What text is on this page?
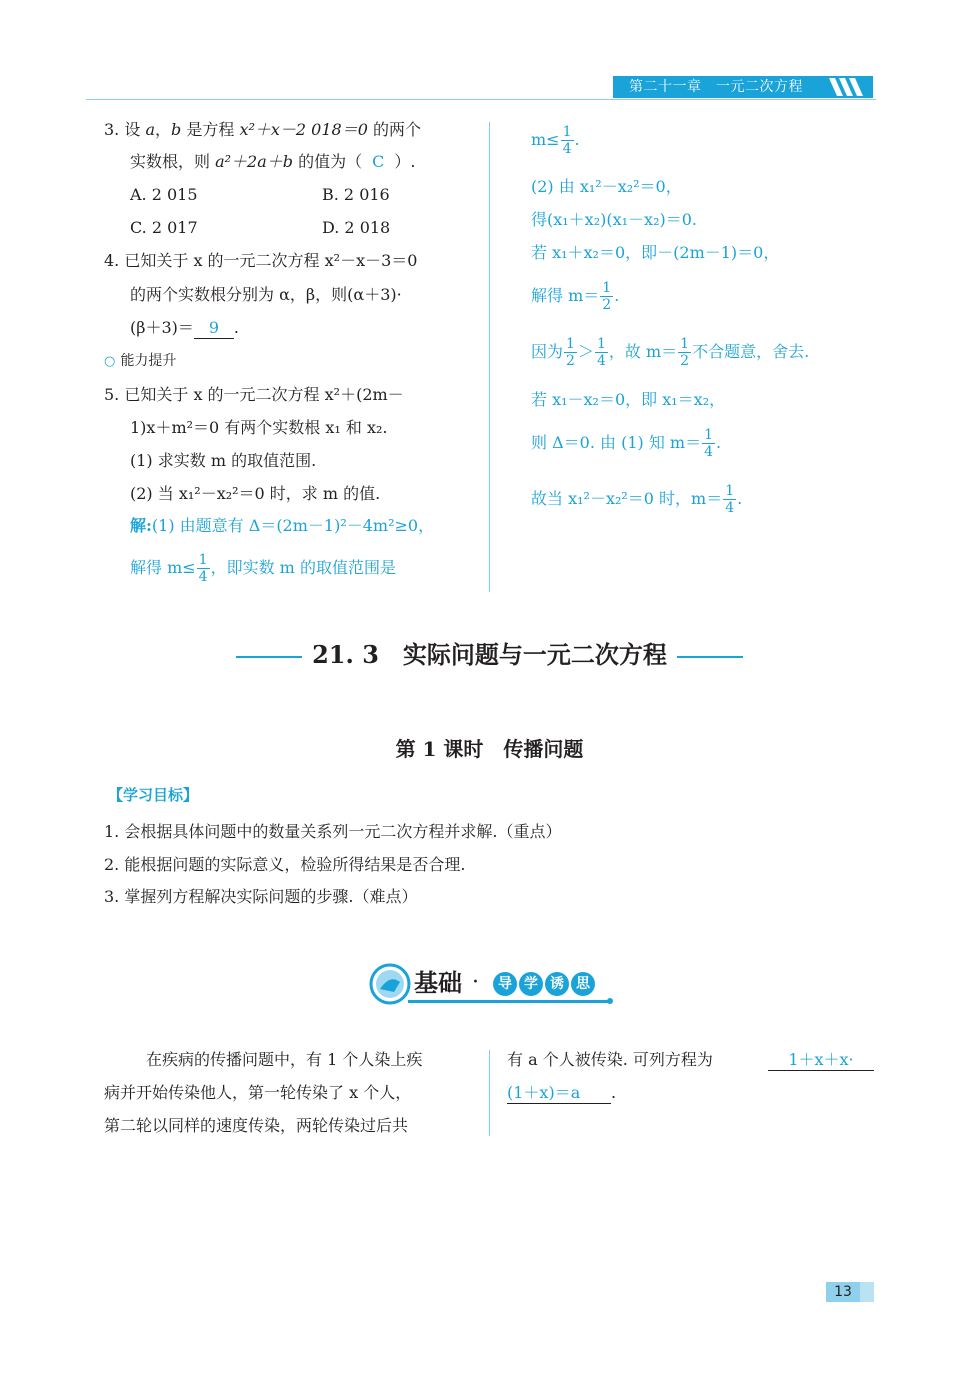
第二十一章　一元二次方程
3. 设 a，b 是方程 x²＋x－2 018＝0 的两个
实数根，则 a²＋2a＋b 的值为（ C ）.
A. 2 015	B. 2 016
C. 2 017	D. 2 018
4. 已知关于 x 的一元二次方程 x²－x－3＝0
的两个实数根分别为 α，β，则(α＋3)·
(β＋3)＝ 9 .
○ 能力提升
5. 已知关于 x 的一元二次方程 x²＋(2m－
1)x＋m²＝0 有两个实数根 x₁ 和 x₂.
(1) 求实数 m 的取值范围.
(2) 当 x₁²－x₂²＝0 时，求 m 的值.
解:(1) 由题意有 Δ＝(2m－1)²－4m²≥0，
解得 $m\le \frac{1}{4}$ ，即实数 m 的取值范围是
$m\le \frac{1}{4}$ .
(2) 由 x₁²－x₂²＝0，
得(x₁＋x₂)(x₁－x₂)＝0.
若 x₁＋x₂＝0，即－(2m－1)＝0，
解得 $m= \frac{1}{2}$ .
因为 $\frac{1}{2} > \frac{1}{4}$ ，故 $m= \frac{1}{2}$ 不合题意，舍去.
若 x₁－x₂＝0，即 x₁＝x₂，
则 Δ＝0. 由 (1) 知 $m= \frac{1}{4}$ .
故当 x₁²－x₂²＝0 时，$m= \frac{1}{4}$ .
21. 3　实际问题与一元二次方程
第 1 课时　传播问题
【学习目标】
1. 会根据具体问题中的数量关系列一元二次方程并求解.（重点）
2. 能根据问题的实际意义，检验所得结果是否合理.
3. 掌握列方程解决实际问题的步骤.（难点）
基础 · 导 学 诱 思
在疾病的传播问题中，有 1 个人染上疾
病并开始传染他人，第一轮传染了 x 个人，
第二轮以同样的速度传染，两轮传染过后共
有 a 个人被传染. 可列方程为	1＋x＋x·
(1＋x)＝a .
13
